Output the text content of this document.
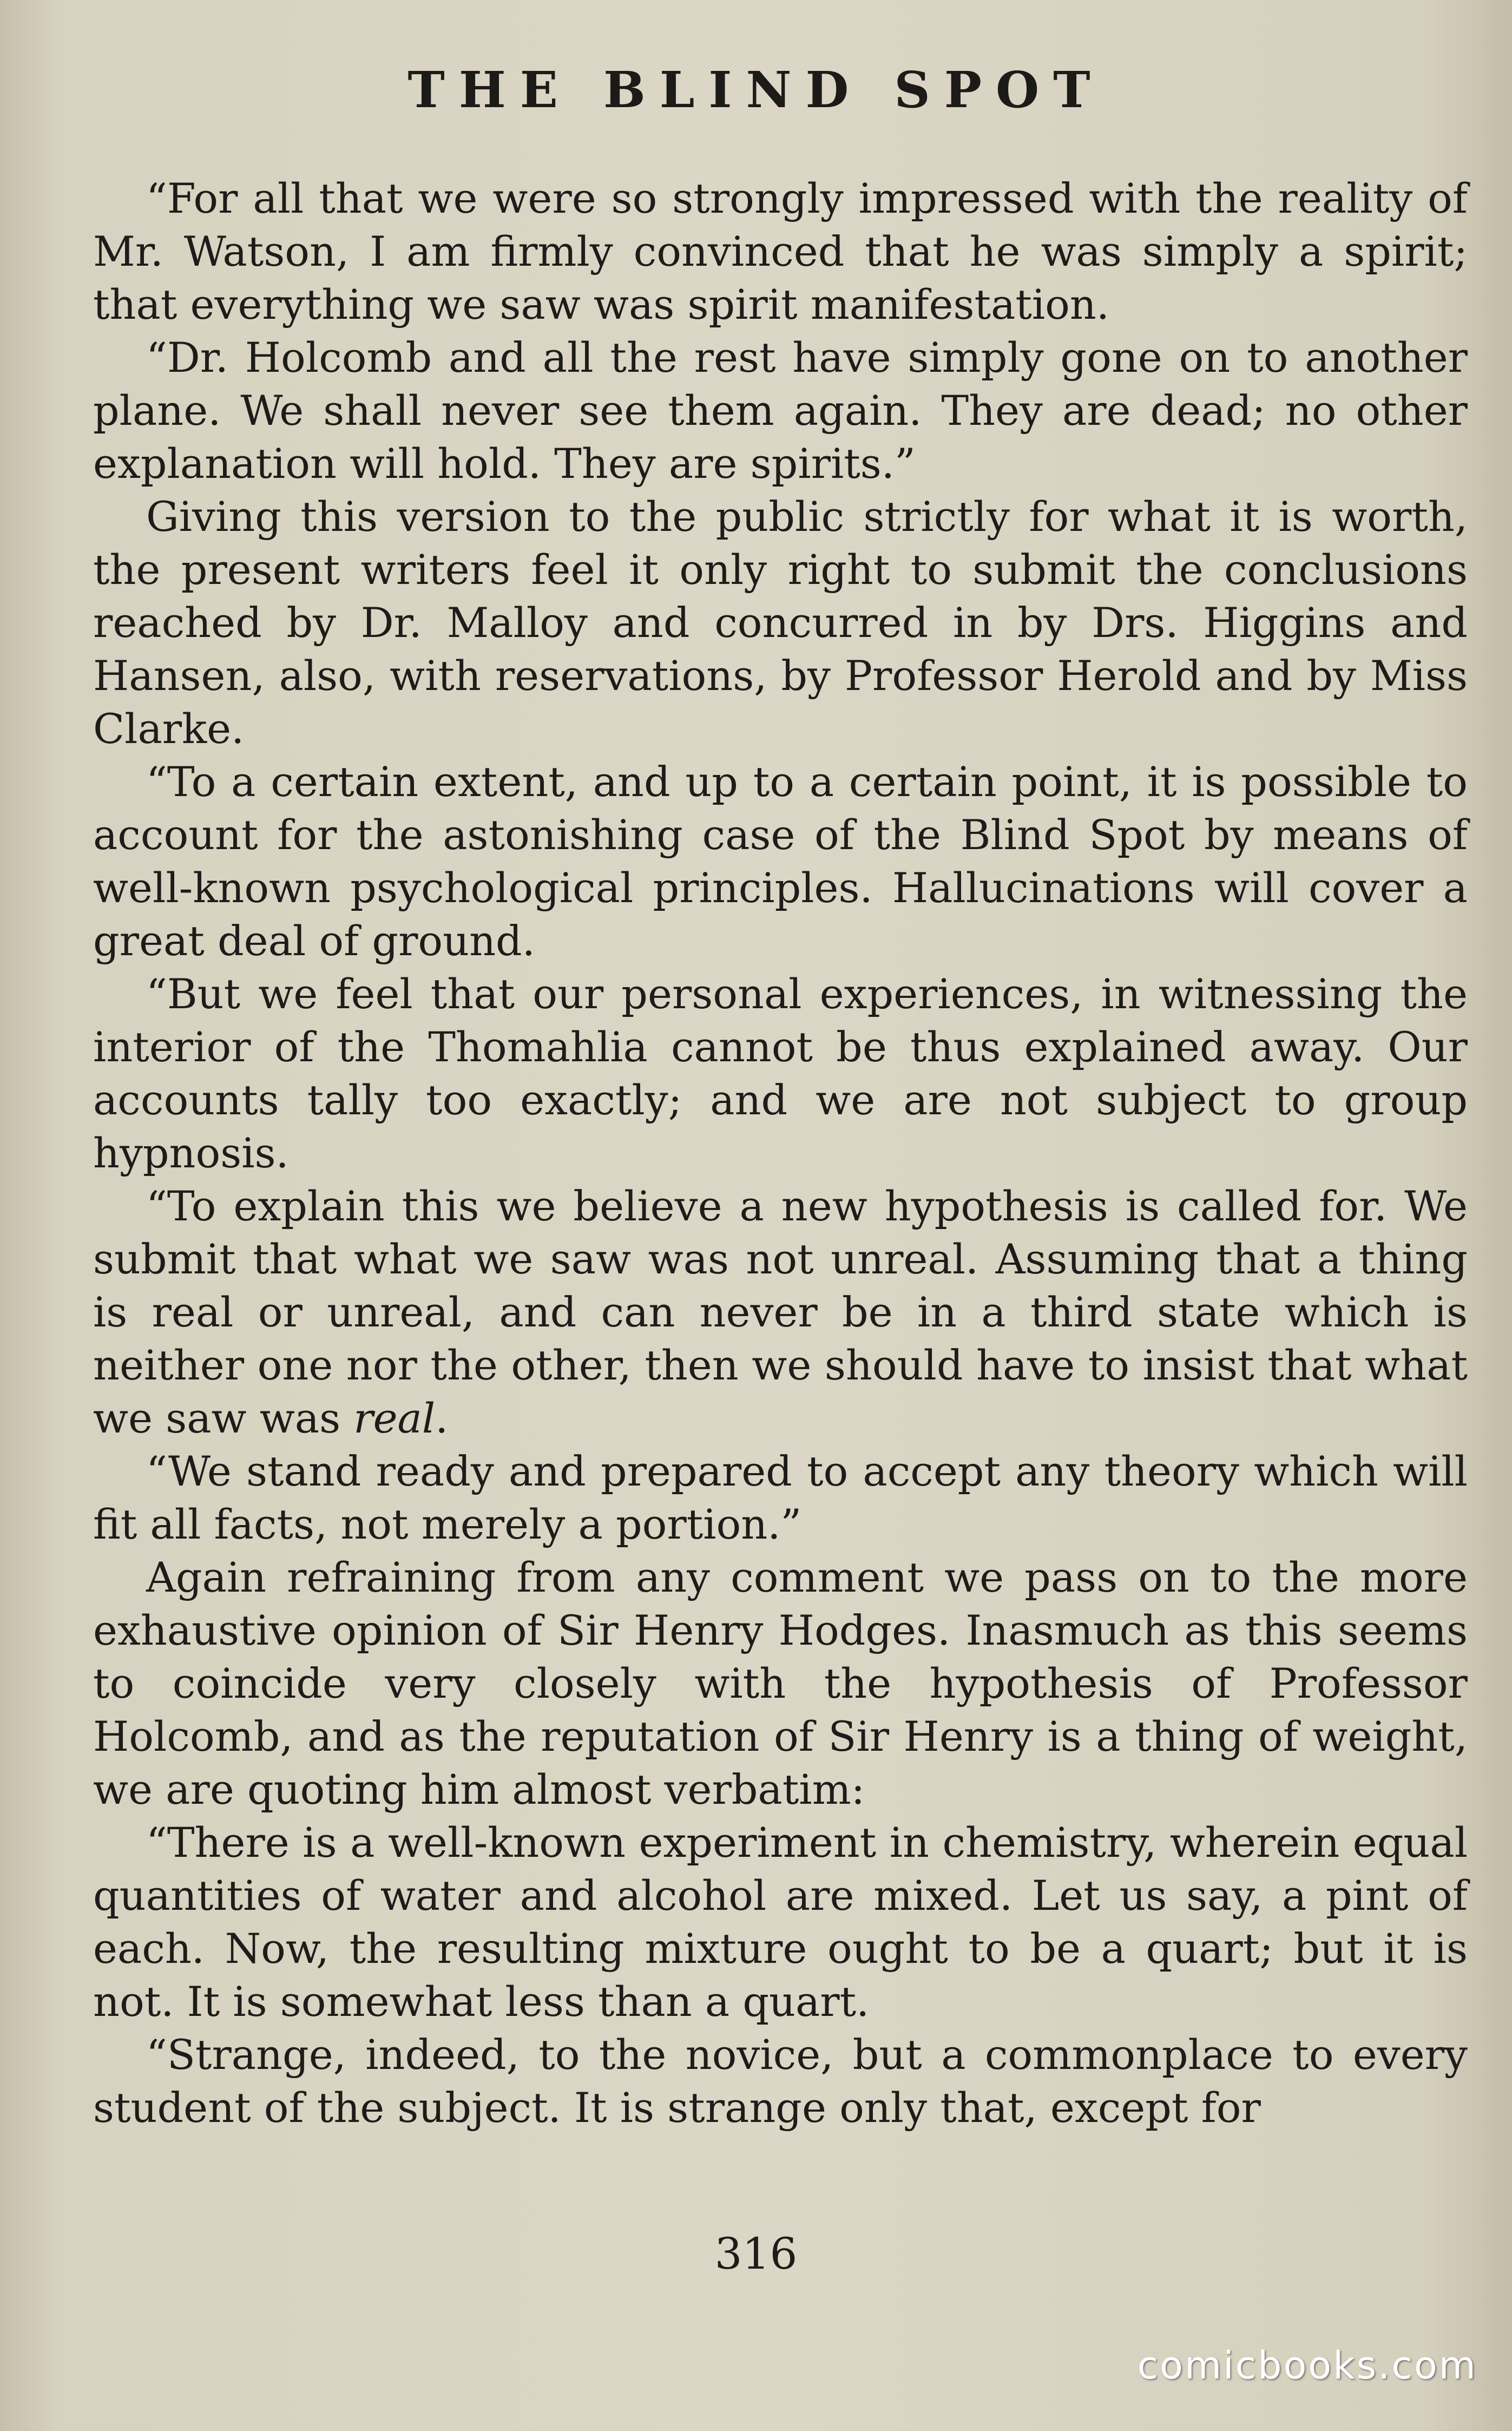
THE BLIND SPOT

“For all that we were so strongly impressed with the reality of Mr. Watson, I am firmly convinced that he was simply a spirit; that everything we saw was spirit manifestation.

“Dr. Holcomb and all the rest have simply gone on to another plane. We shall never see them again. They are dead; no other explanation will hold. They are spirits.”

Giving this version to the public strictly for what it is worth, the present writers feel it only right to submit the conclusions reached by Dr. Malloy and concurred in by Drs. Higgins and Hansen, also, with reservations, by Professor Herold and by Miss Clarke.

“To a certain extent, and up to a certain point, it is possible to account for the astonishing case of the Blind Spot by means of well-known psychological principles. Hallucinations will cover a great deal of ground.

“But we feel that our personal experiences, in witnessing the interior of the Thomahlia cannot be thus explained away. Our accounts tally too exactly; and we are not subject to group hypnosis.

“To explain this we believe a new hypothesis is called for. We submit that what we saw was not unreal. Assuming that a thing is real or unreal, and can never be in a third state which is neither one nor the other, then we should have to insist that what we saw was real.

“We stand ready and prepared to accept any theory which will fit all facts, not merely a portion.”

Again refraining from any comment we pass on to the more exhaustive opinion of Sir Henry Hodges. Inasmuch as this seems to coincide very closely with the hypothesis of Professor Holcomb, and as the reputation of Sir Henry is a thing of weight, we are quoting him almost verbatim:

“There is a well-known experiment in chemistry, wherein equal quantities of water and alcohol are mixed. Let us say, a pint of each. Now, the resulting mixture ought to be a quart; but it is not. It is somewhat less than a quart.

“Strange, indeed, to the novice, but a commonplace to every student of the subject. It is strange only that, except for

316
comicbooks.com
